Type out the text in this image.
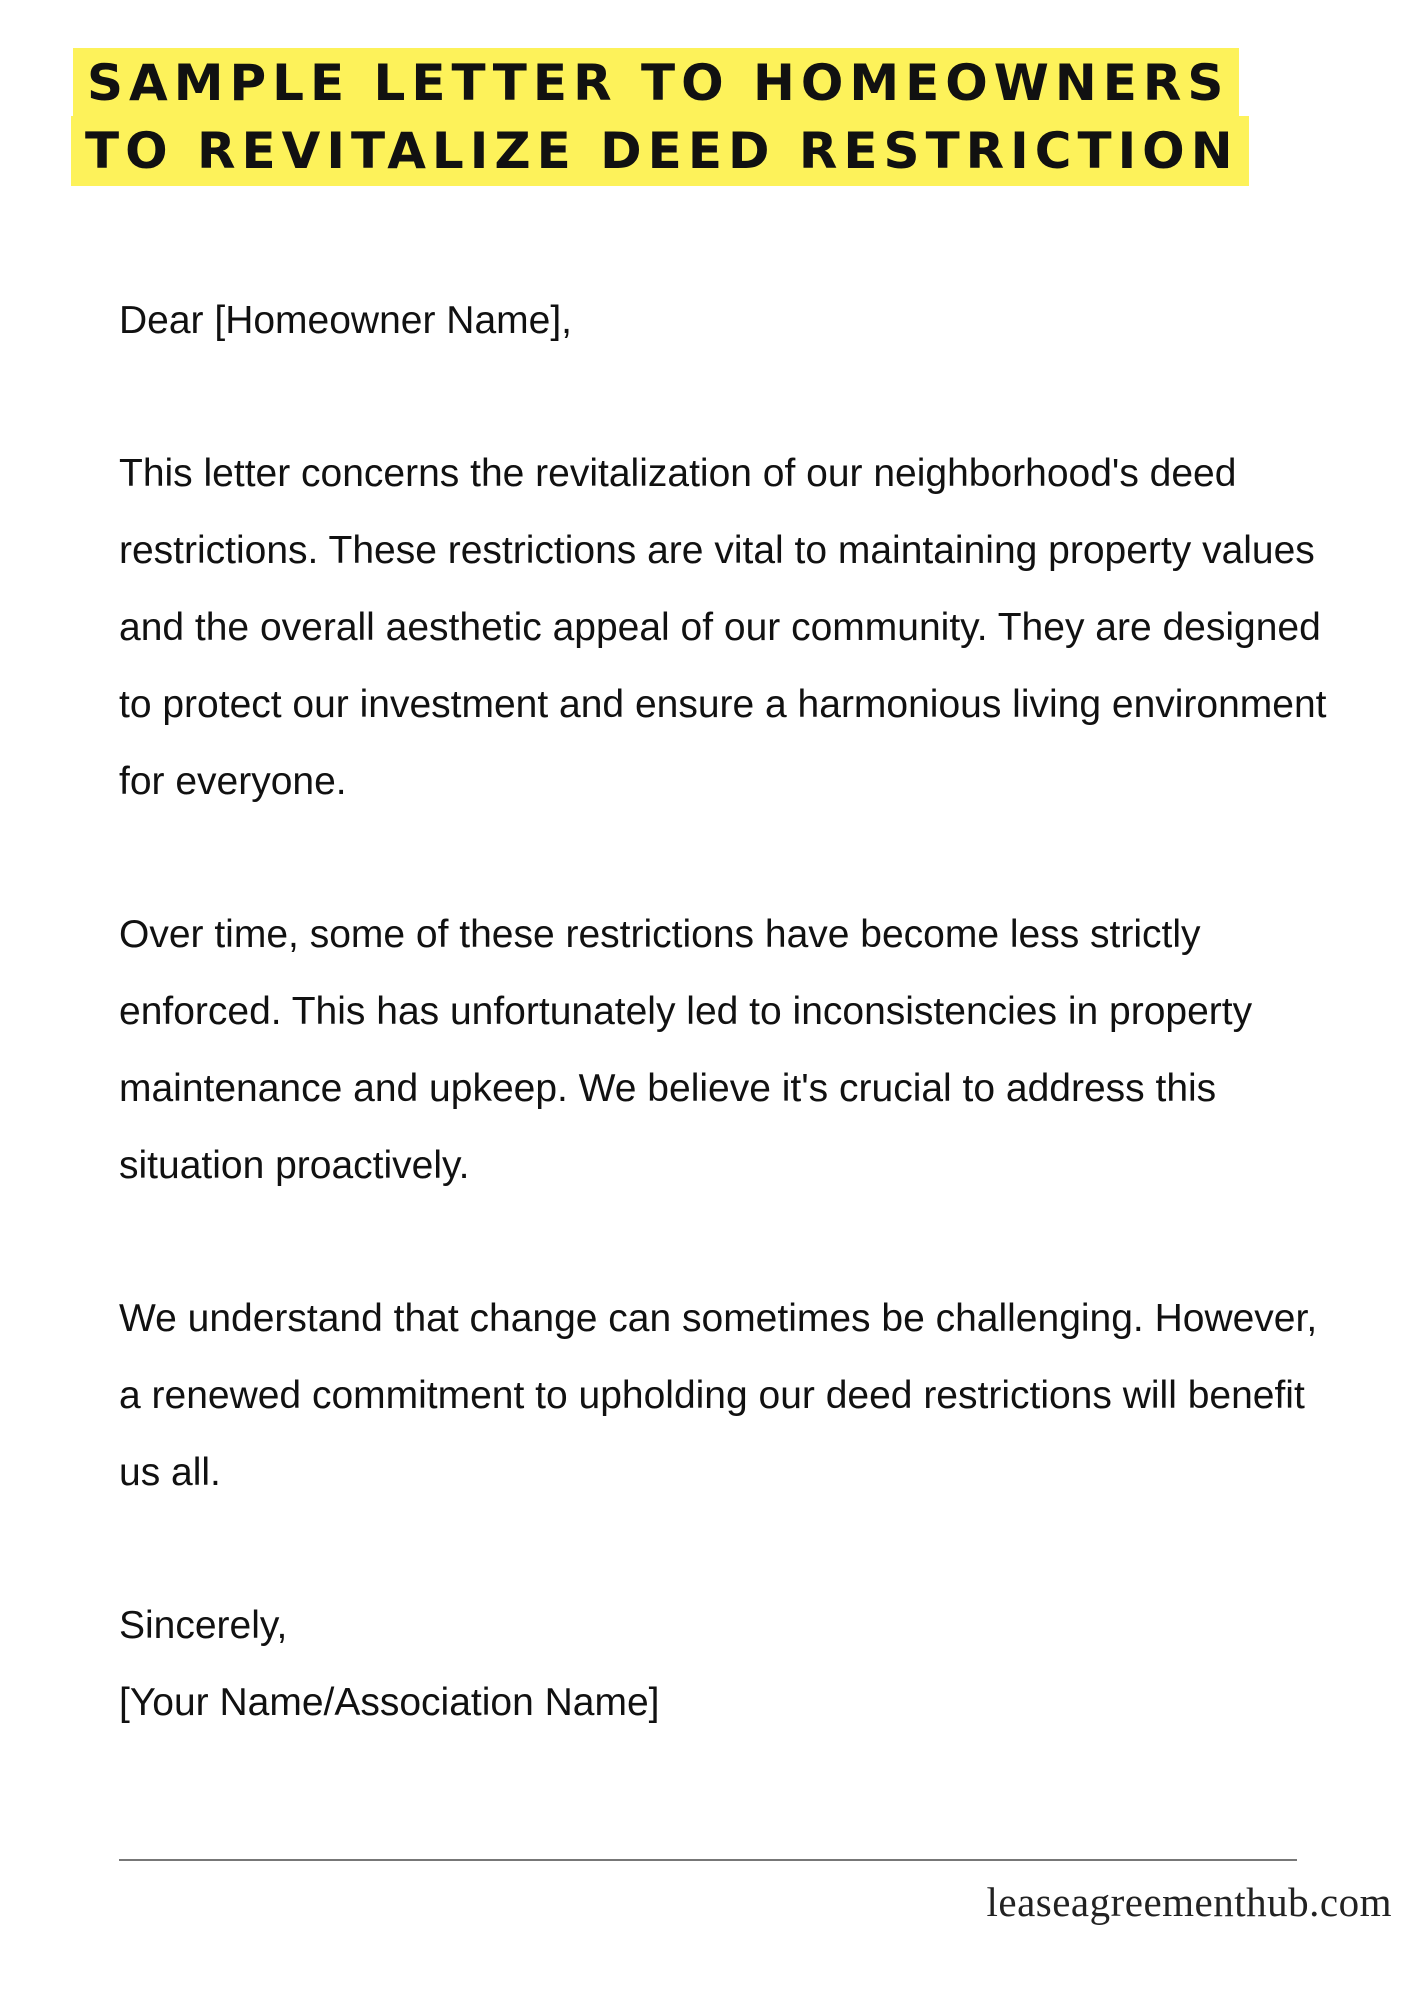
SAMPLE LETTER TO HOMEOWNERS
TO REVITALIZE DEED RESTRICTION

Dear [Homeowner Name],

This letter concerns the revitalization of our neighborhood's deed restrictions. These restrictions are vital to maintaining property values and the overall aesthetic appeal of our community. They are designed to protect our investment and ensure a harmonious living environment for everyone.

Over time, some of these restrictions have become less strictly enforced. This has unfortunately led to inconsistencies in property maintenance and upkeep. We believe it's crucial to address this situation proactively.

We understand that change can sometimes be challenging. However, a renewed commitment to upholding our deed restrictions will benefit us all.

Sincerely,
[Your Name/Association Name]
leaseagreementhub.com
